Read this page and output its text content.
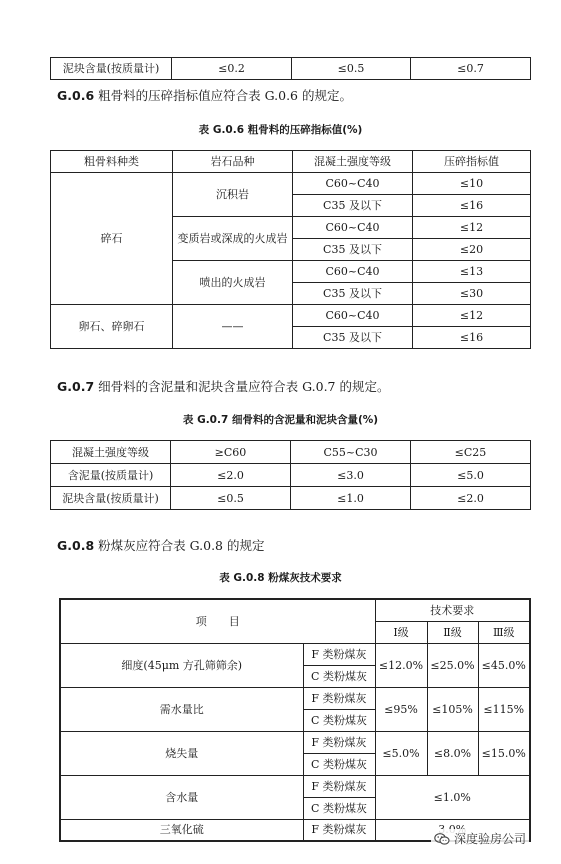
泥块含量(按质量计)	≤0.2	≤0.5	≤0.7
G.0.6 粗骨料的压碎指标值应符合表 G.0.6 的规定。
表 G.0.6 粗骨料的压碎指标值(%)
粗骨料种类	岩石品种	混凝土强度等级	压碎指标值
碎石	沉积岩	C60~C40	≤10
		C35 及以下	≤16
	变质岩或深成的火成岩	C60~C40	≤12
		C35 及以下	≤20
	喷出的火成岩	C60~C40	≤13
		C35 及以下	≤30
卵石、碎卵石	——	C60~C40	≤12
		C35 及以下	≤16
G.0.7 细骨料的含泥量和泥块含量应符合表 G.0.7 的规定。
表 G.0.7 细骨料的含泥量和泥块含量(%)
混凝土强度等级	≥C60	C55~C30	≤C25
含泥量(按质量计)	≤2.0	≤3.0	≤5.0
泥块含量(按质量计)	≤0.5	≤1.0	≤2.0
G.0.8 粉煤灰应符合表 G.0.8 的规定
表 G.0.8 粉煤灰技术要求
项　　目		技术要求		
		Ⅰ级	Ⅱ级	Ⅲ级
细度(45μm 方孔筛筛余)	F 类粉煤灰	≤12.0%	≤25.0%	≤45.0%
	C 类粉煤灰			
需水量比	F 类粉煤灰	≤95%	≤105%	≤115%
	C 类粉煤灰			
烧失量	F 类粉煤灰	≤5.0%	≤8.0%	≤15.0%
	C 类粉煤灰			
含水量	F 类粉煤灰	≤1.0%		
	C 类粉煤灰			
三氧化硫	F 类粉煤灰	
深度验房公司
